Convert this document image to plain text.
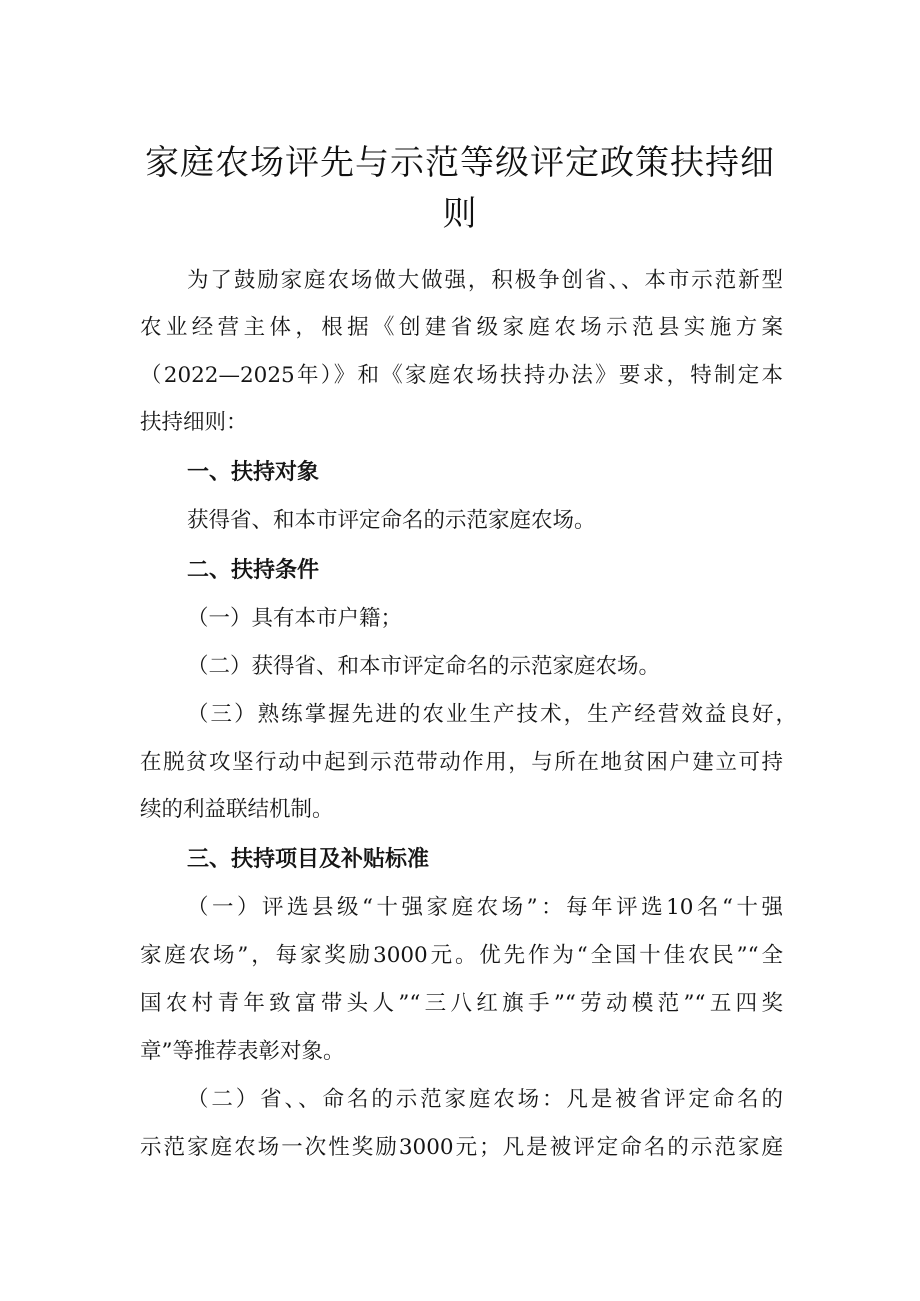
家庭农场评先与示范等级评定政策扶持细
则
为了鼓励家庭农场做大做强，积极争创省、、本市示范新型
农业经营主体，根据《创建省级家庭农场示范县实施方案
（2022—2025年）》和《家庭农场扶持办法》要求，特制定本
扶持细则：
一、扶持对象
获得省、和本市评定命名的示范家庭农场。
二、扶持条件
（一）具有本市户籍；
（二）获得省、和本市评定命名的示范家庭农场。
（三）熟练掌握先进的农业生产技术，生产经营效益良好，
在脱贫攻坚行动中起到示范带动作用，与所在地贫困户建立可持
续的利益联结机制。
三、扶持项目及补贴标准
（一）评选县级“十强家庭农场”：每年评选10名“十强
家庭农场”，每家奖励3000元。优先作为“全国十佳农民”“全
国农村青年致富带头人”“三八红旗手”“劳动模范”“五四奖
章”等推荐表彰对象。
（二）省、、命名的示范家庭农场：凡是被省评定命名的
示范家庭农场一次性奖励3000元；凡是被评定命名的示范家庭
